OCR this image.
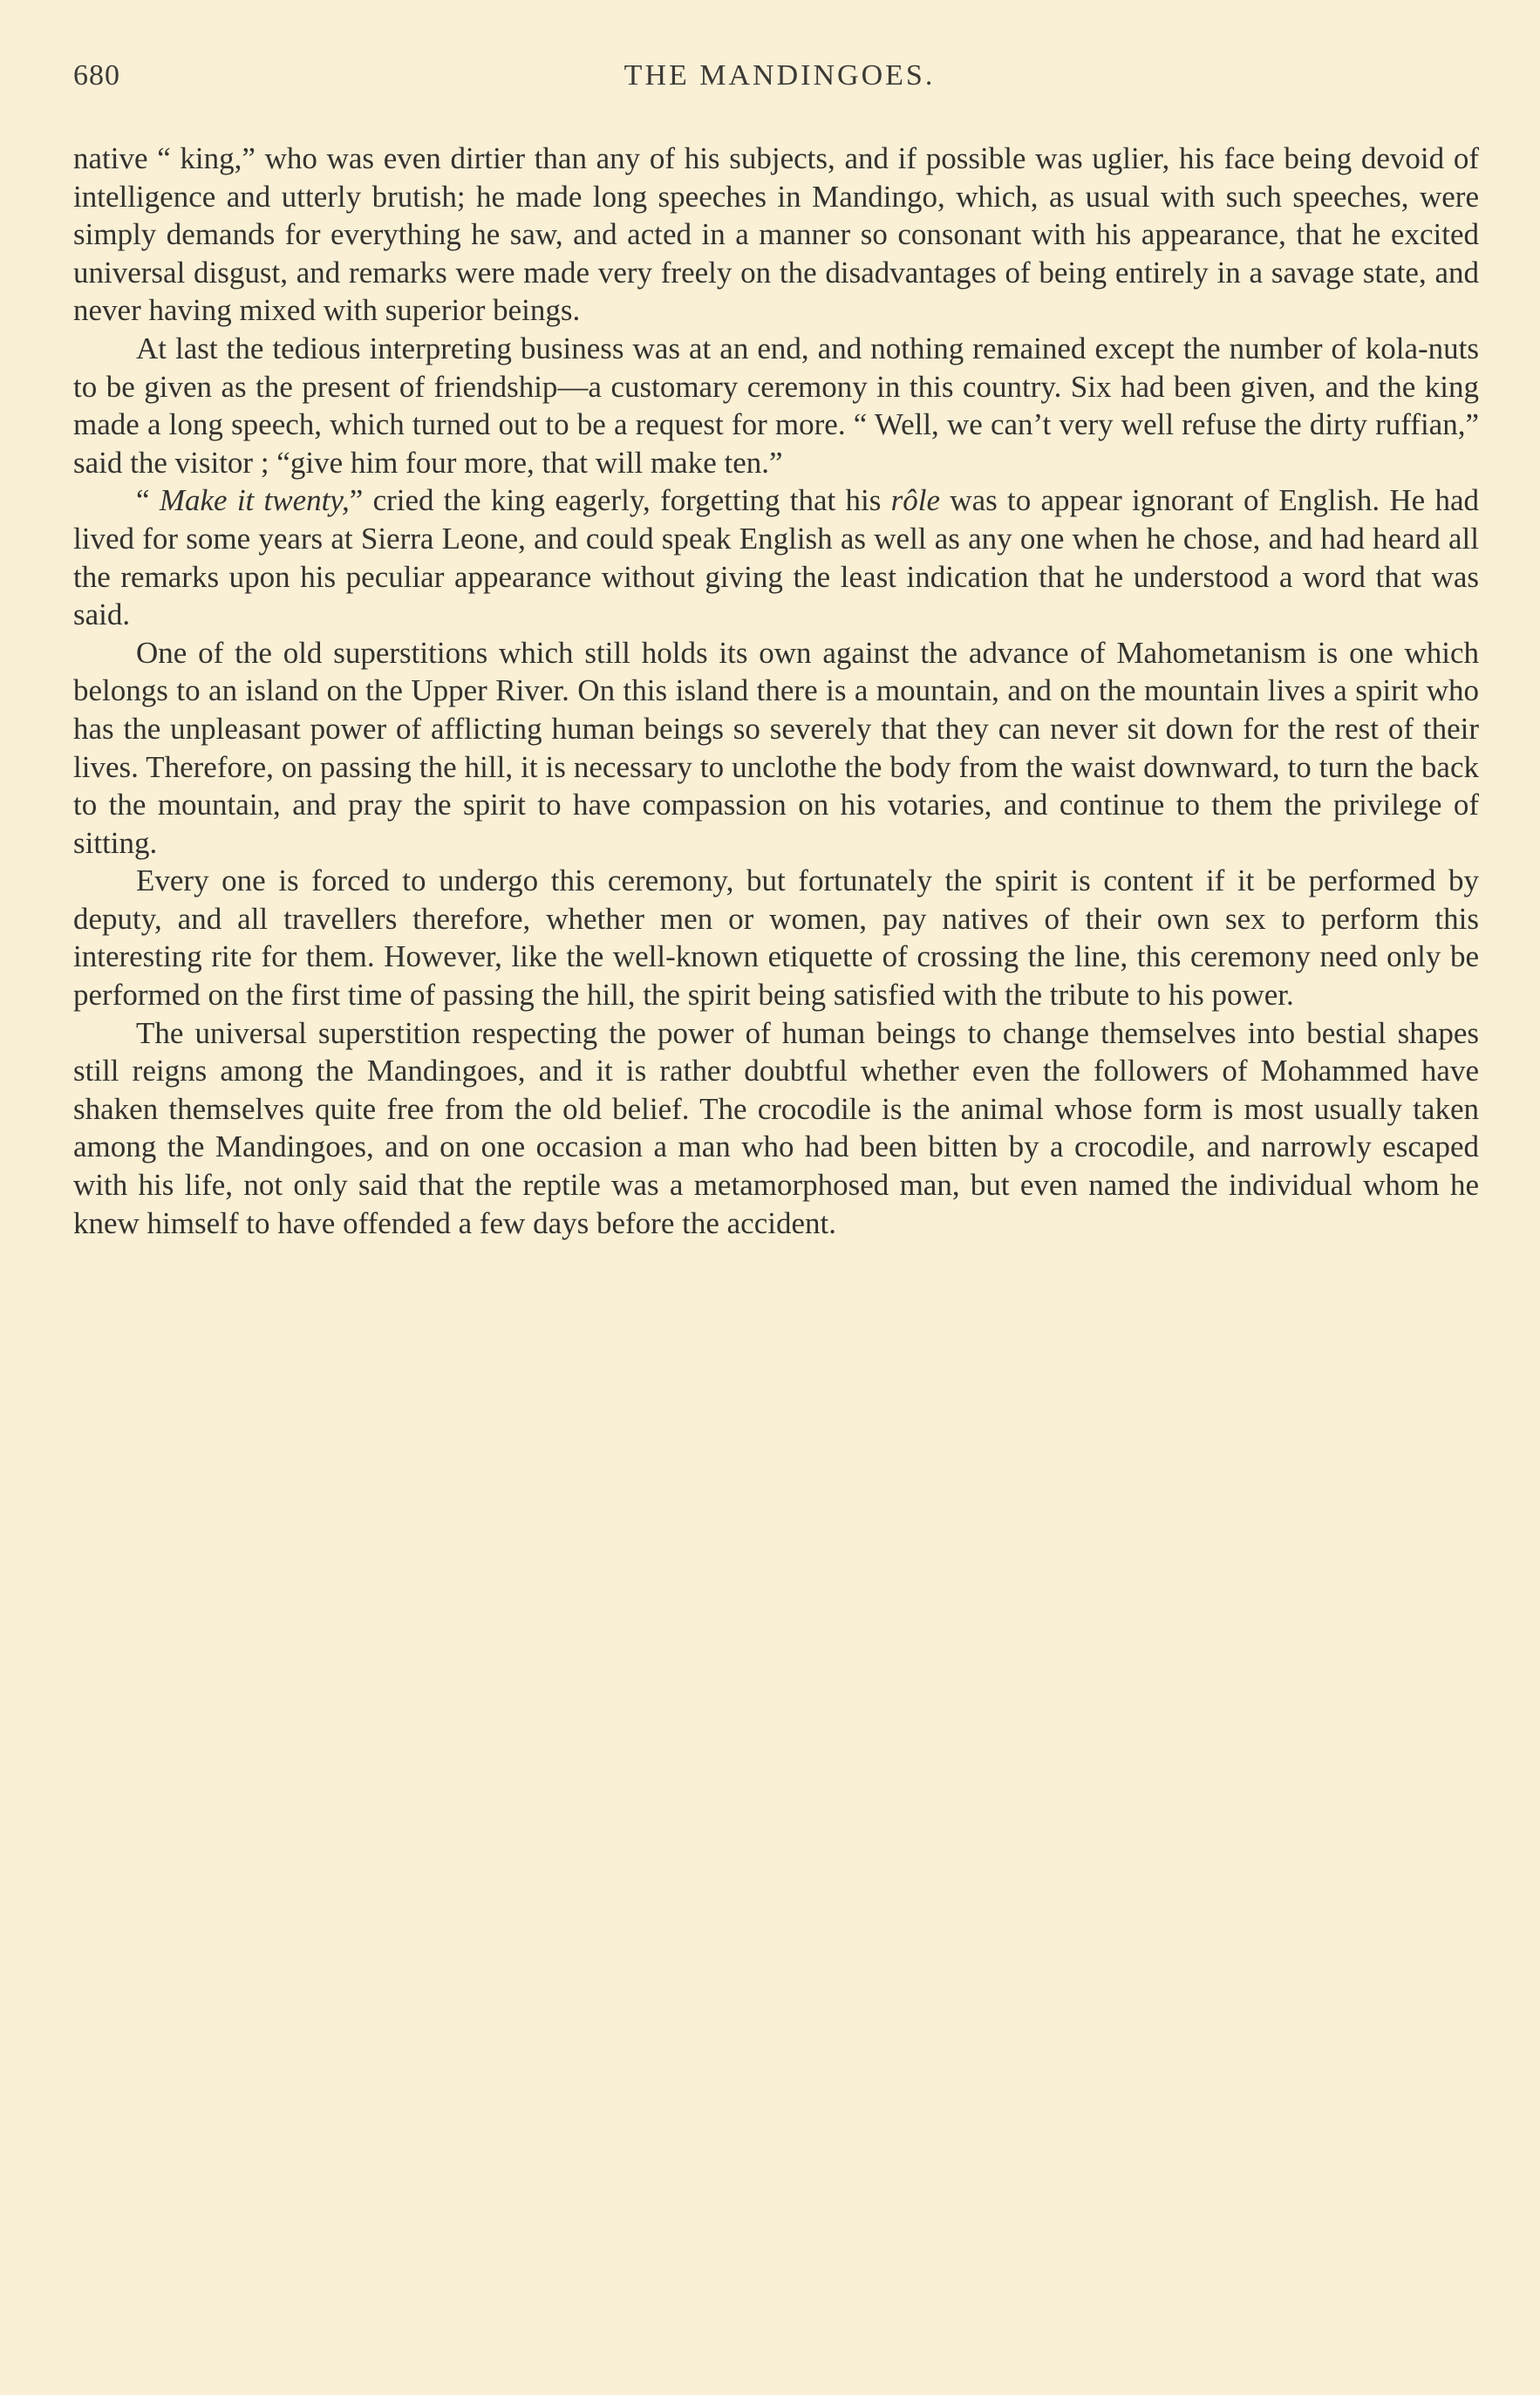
680	THE MANDINGOES.

native “ king,” who was even dirtier than any of his subjects, and if possible was uglier, his face being devoid of intelligence and utterly brutish; he made long speeches in Mandingo, which, as usual with such speeches, were simply demands for everything he saw, and acted in a manner so consonant with his appearance, that he excited universal disgust, and remarks were made very freely on the disadvantages of being entirely in a savage state, and never having mixed with superior beings.

At last the tedious interpreting business was at an end, and nothing remained except the number of kola-nuts to be given as the present of friendship—a customary ceremony in this country. Six had been given, and the king made a long speech, which turned out to be a request for more. “ Well, we can’t very well refuse the dirty ruffian,” said the visitor ; “give him four more, that will make ten.”

“ Make it twenty,” cried the king eagerly, forgetting that his rôle was to appear ignorant of English. He had lived for some years at Sierra Leone, and could speak English as well as any one when he chose, and had heard all the remarks upon his peculiar appearance without giving the least indication that he understood a word that was said.

One of the old superstitions which still holds its own against the advance of Mahometanism is one which belongs to an island on the Upper River. On this island there is a mountain, and on the mountain lives a spirit who has the unpleasant power of afflicting human beings so severely that they can never sit down for the rest of their lives. Therefore, on passing the hill, it is necessary to unclothe the body from the waist downward, to turn the back to the mountain, and pray the spirit to have compassion on his votaries, and continue to them the privilege of sitting.

Every one is forced to undergo this ceremony, but fortunately the spirit is content if it be performed by deputy, and all travellers therefore, whether men or women, pay natives of their own sex to perform this interesting rite for them. However, like the well-known etiquette of crossing the line, this ceremony need only be performed on the first time of passing the hill, the spirit being satisfied with the tribute to his power.

The universal superstition respecting the power of human beings to change themselves into bestial shapes still reigns among the Mandingoes, and it is rather doubtful whether even the followers of Mohammed have shaken themselves quite free from the old belief. The crocodile is the animal whose form is most usually taken among the Mandingoes, and on one occasion a man who had been bitten by a crocodile, and narrowly escaped with his life, not only said that the reptile was a metamorphosed man, but even named the individual whom he knew himself to have offended a few days before the accident.
